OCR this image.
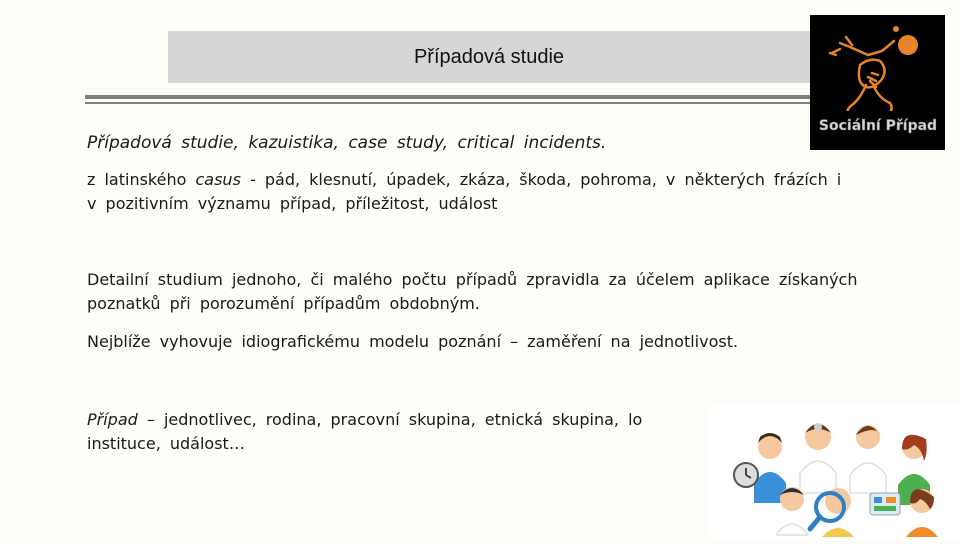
Případová studie
Sociální Případ
Případová studie, kazuistika, case study, critical incidents.
z latinského casus - pád, klesnutí, úpadek, zkáza, škoda, pohroma, v některých frázích i v pozitivním významu případ, příležitost, událost
Detailní studium jednoho, či malého počtu případů zpravidla za účelem aplikace získaných poznatků při porozumění případům obdobným.
Nejblíže vyhovuje idiografickému modelu poznání – zaměření na jednotlivost.
Případ – jednotlivec, rodina, pracovní skupina, etnická skupina, lo
instituce, událost…
